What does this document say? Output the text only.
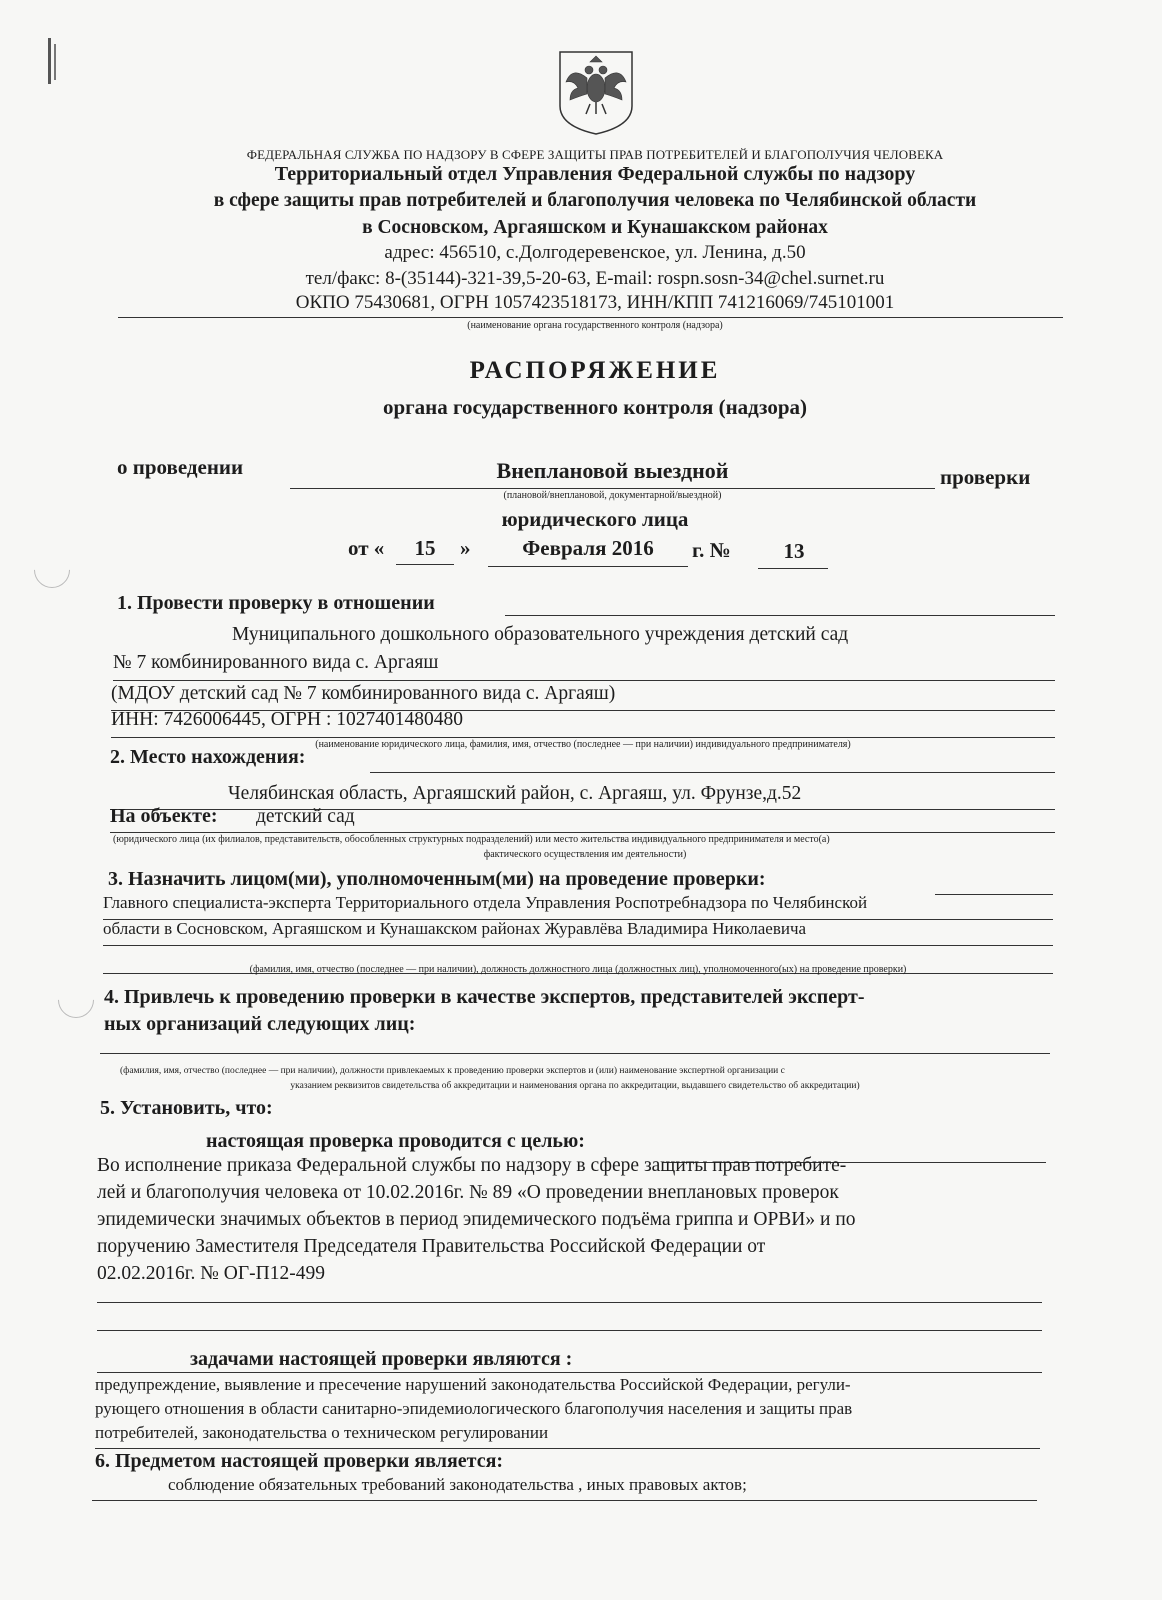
ФЕДЕРАЛЬНАЯ СЛУЖБА ПО НАДЗОРУ В СФЕРЕ ЗАЩИТЫ ПРАВ ПОТРЕБИТЕЛЕЙ И БЛАГОПОЛУЧИЯ ЧЕЛОВЕКА
Территориальный отдел Управления Федеральной службы по надзору
в сфере защиты прав потребителей и благополучия человека по Челябинской области
в Сосновском, Аргаяшском и Кунашакском районах
адрес: 456510, с.Долгодеревенское, ул. Ленина, д.50
тел/факс: 8-(35144)-321-39,5-20-63, E-mail: rospn.sosn-34@chel.surnet.ru
ОКПО 75430681, ОГРН 1057423518173, ИНН/КПП 741216069/745101001
(наименование органа государственного контроля (надзора)
РАСПОРЯЖЕНИЕ
органа государственного контроля (надзора)
о проведении	Внеплановой выездной	проверки
(плановой/внеплановой, документарной/выездной)
юридического лица
от «	15	»	Февраля 2016	г. №	13
1. Провести проверку в отношении
Муниципального дошкольного образовательного учреждения детский сад
№ 7 комбинированного вида с. Аргаяш
(МДОУ детский сад № 7 комбинированного вида с. Аргаяш)
ИНН: 7426006445, ОГРН : 1027401480480
(наименование юридического лица, фамилия, имя, отчество (последнее — при наличии) индивидуального предпринимателя)
2. Место нахождения:
Челябинская область, Аргаяшский район, с. Аргаяш, ул. Фрунзе,д.52
На объекте: детский сад
(юридического лица (их филиалов, представительств, обособленных структурных подразделений) или место жительства индивидуального предпринимателя и место(а)
фактического осуществления им деятельности)
3. Назначить лицом(ми), уполномоченным(ми) на проведение проверки:
Главного специалиста-эксперта Территориального отдела Управления Роспотребнадзора по Челябинской
области в Сосновском, Аргаяшском и Кунашакском районах Журавлёва Владимира Николаевича
(фамилия, имя, отчество (последнее — при наличии), должность должностного лица (должностных лиц), уполномоченного(ых) на проведение проверки)
4. Привлечь к проведению проверки в качестве экспертов, представителей эксперт-
ных организаций следующих лиц:
(фамилия, имя, отчество (последнее — при наличии), должности привлекаемых к проведению проверки экспертов и (или) наименование экспертной организации с
указанием реквизитов свидетельства об аккредитации и наименования органа по аккредитации, выдавшего свидетельство об аккредитации)
5. Установить, что:
настоящая проверка проводится с целью:
Во исполнение приказа Федеральной службы по надзору в сфере защиты прав потребите-
лей и благополучия человека от 10.02.2016г. № 89 «О проведении внеплановых проверок
эпидемически значимых объектов в период эпидемического подъёма гриппа и ОРВИ» и по
поручению Заместителя Председателя Правительства Российской Федерации от
02.02.2016г. № ОГ-П12-499
задачами настоящей проверки являются :
предупреждение, выявление и пресечение нарушений законодательства Российской Федерации, регули-
рующего отношения в области санитарно-эпидемиологического благополучия населения и защиты прав
потребителей, законодательства о техническом регулировании
6. Предметом настоящей проверки является:
соблюдение обязательных требований законодательства , иных правовых актов;
